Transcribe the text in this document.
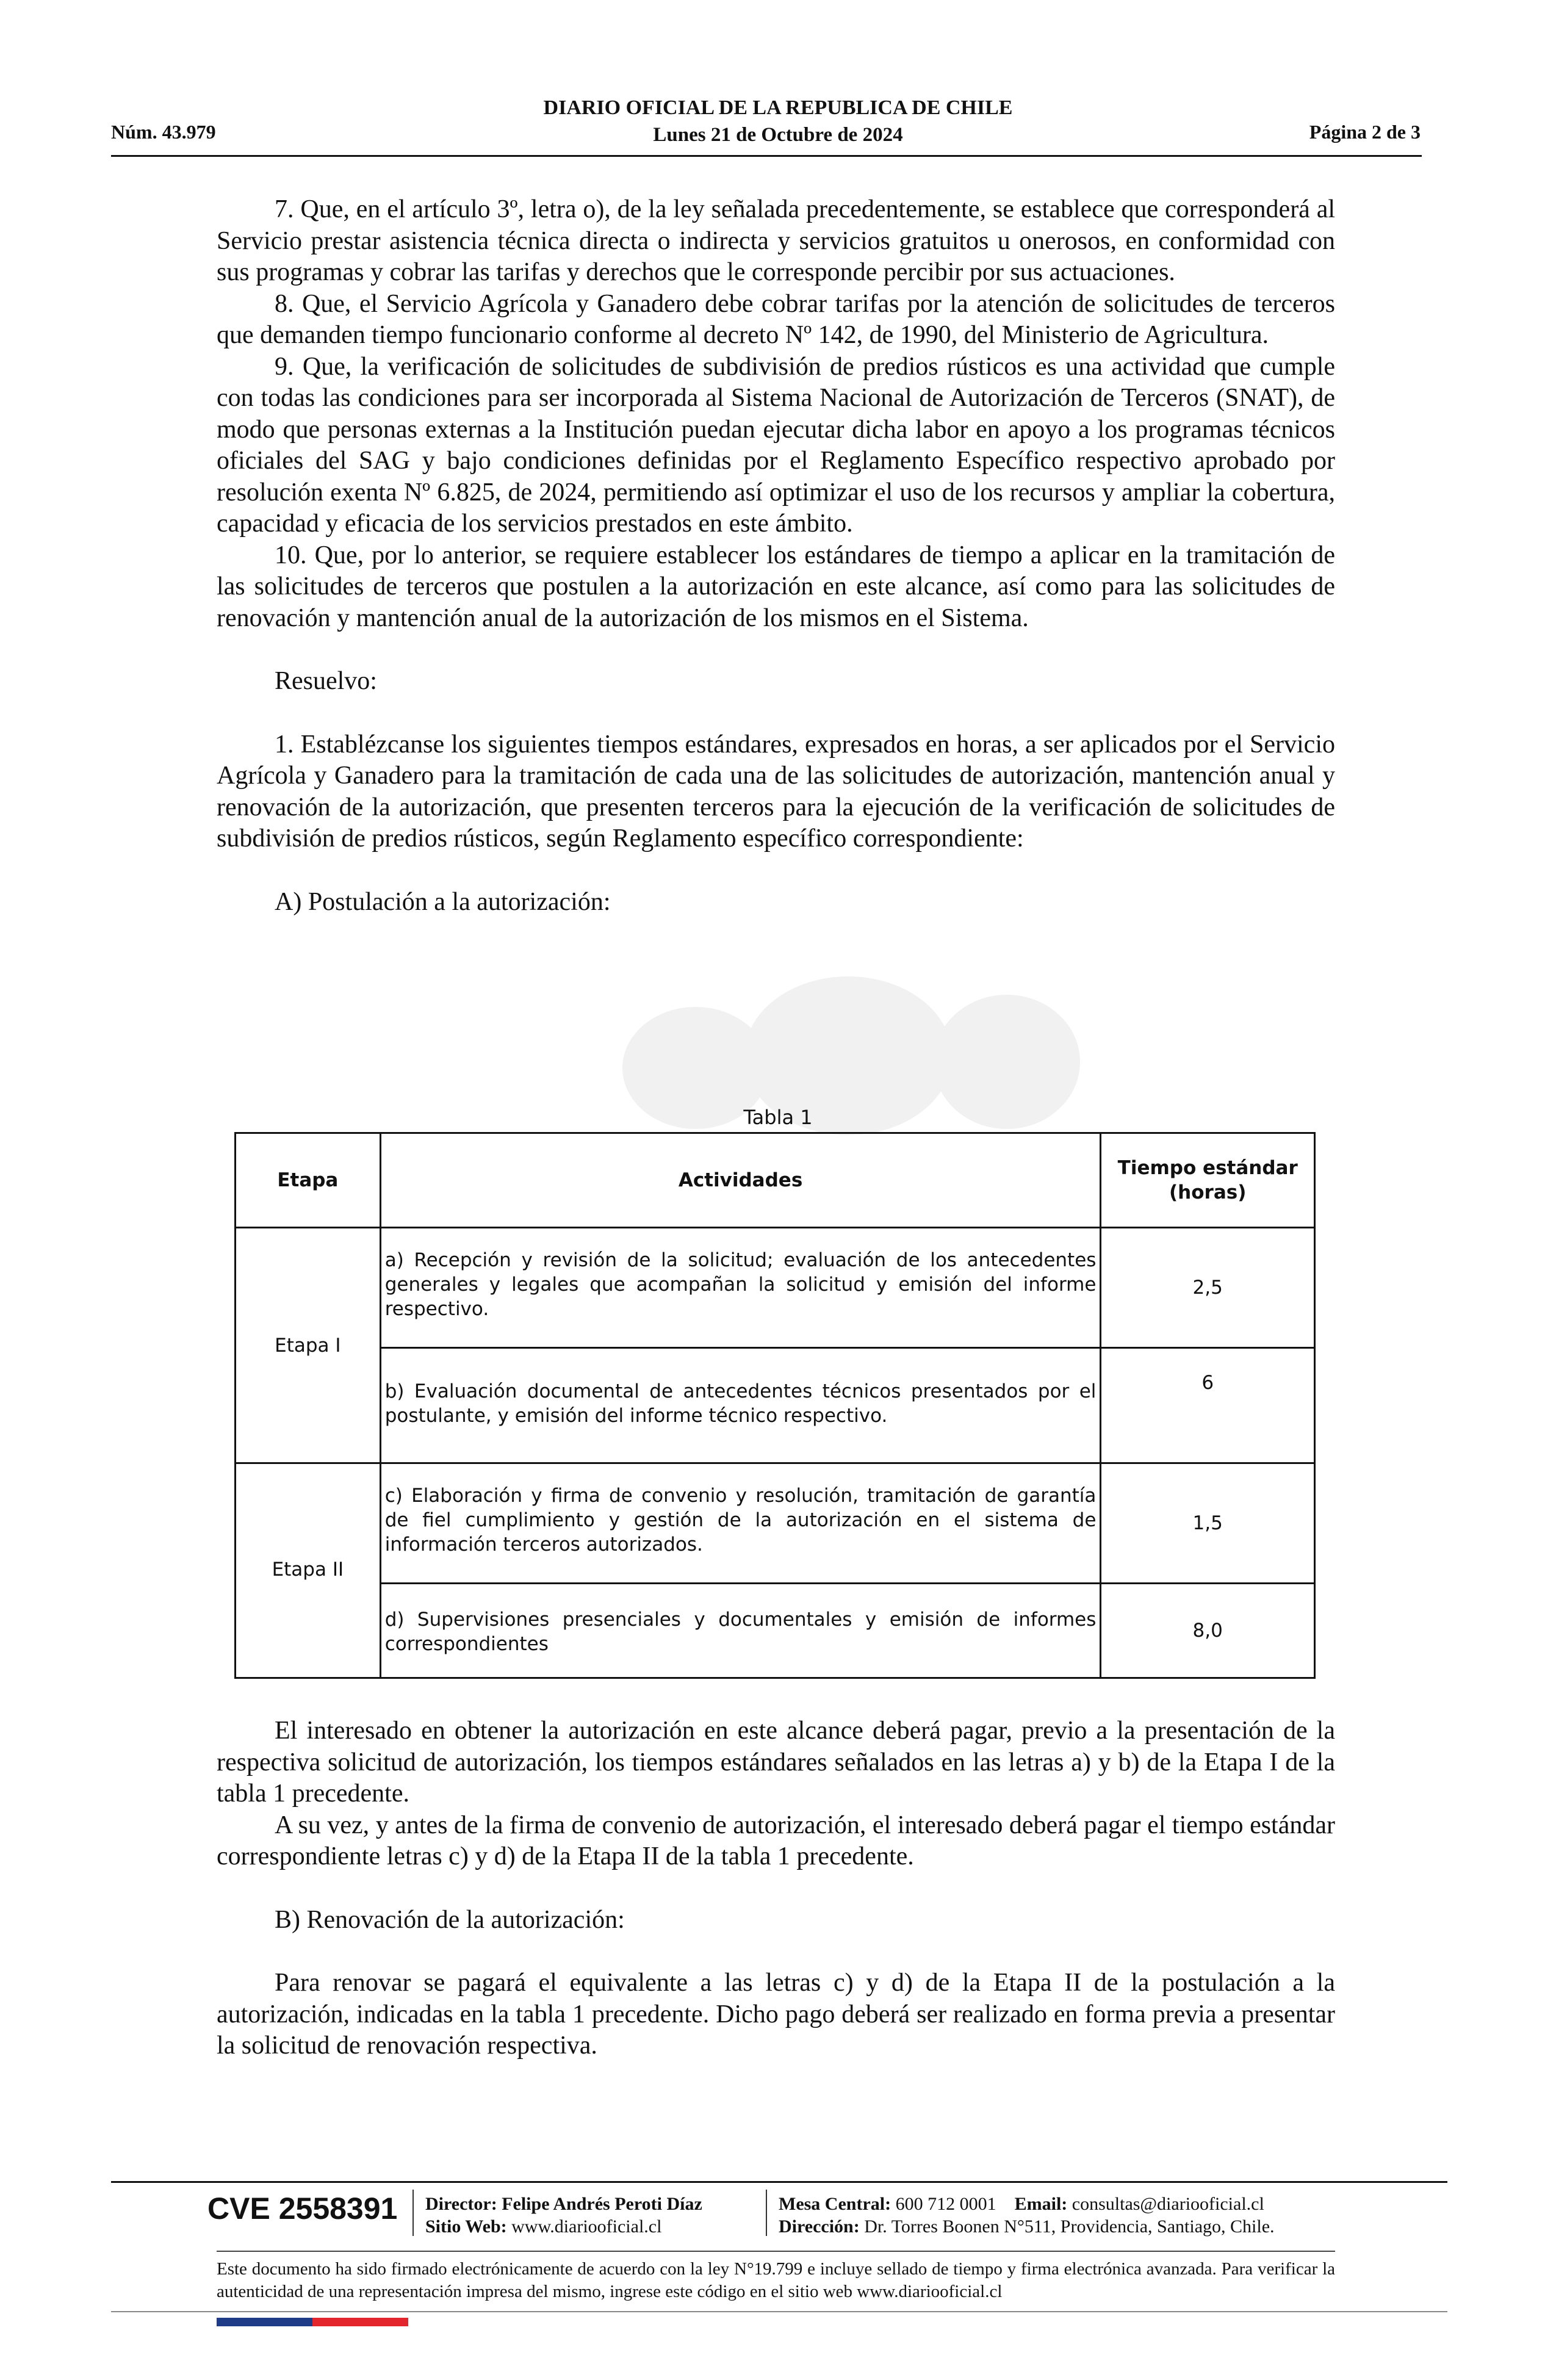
Núm. 43.979
DIARIO OFICIAL DE LA REPUBLICA DE CHILE
Lunes 21 de Octubre de 2024	Página 2 de 3

7. Que, en el artículo 3º, letra o), de la ley señalada precedentemente, se establece que corresponderá al Servicio prestar asistencia técnica directa o indirecta y servicios gratuitos u onerosos, en conformidad con sus programas y cobrar las tarifas y derechos que le corresponde percibir por sus actuaciones.

8. Que, el Servicio Agrícola y Ganadero debe cobrar tarifas por la atención de solicitudes de terceros que demanden tiempo funcionario conforme al decreto Nº 142, de 1990, del Ministerio de Agricultura.

9. Que, la verificación de solicitudes de subdivisión de predios rústicos es una actividad que cumple con todas las condiciones para ser incorporada al Sistema Nacional de Autorización de Terceros (SNAT), de modo que personas externas a la Institución puedan ejecutar dicha labor en apoyo a los programas técnicos oficiales del SAG y bajo condiciones definidas por el Reglamento Específico respectivo aprobado por resolución exenta Nº 6.825, de 2024, permitiendo así optimizar el uso de los recursos y ampliar la cobertura, capacidad y eficacia de los servicios prestados en este ámbito.

10. Que, por lo anterior, se requiere establecer los estándares de tiempo a aplicar en la tramitación de las solicitudes de terceros que postulen a la autorización en este alcance, así como para las solicitudes de renovación y mantención anual de la autorización de los mismos en el Sistema.

Resuelvo:

1. Establézcanse los siguientes tiempos estándares, expresados en horas, a ser aplicados por el Servicio Agrícola y Ganadero para la tramitación de cada una de las solicitudes de autorización, mantención anual y renovación de la autorización, que presenten terceros para la ejecución de la verificación de solicitudes de subdivisión de predios rústicos, según Reglamento específico correspondiente:

A) Postulación a la autorización:

Tabla 1
Etapa	Actividades	Tiempo estándar (horas)
Etapa I	a) Recepción y revisión de la solicitud; evaluación de los antecedentes generales y legales que acompañan la solicitud y emisión del informe respectivo.	2,5
	b) Evaluación documental de antecedentes técnicos presentados por el postulante, y emisión del informe técnico respectivo.	6
Etapa II	c) Elaboración y firma de convenio y resolución, tramitación de garantía de fiel cumplimiento y gestión de la autorización en el sistema de información terceros autorizados.	1,5
	d) Supervisiones presenciales y documentales y emisión de informes correspondientes	8,0

El interesado en obtener la autorización en este alcance deberá pagar, previo a la presentación de la respectiva solicitud de autorización, los tiempos estándares señalados en las letras a) y b) de la Etapa I de la tabla 1 precedente.

A su vez, y antes de la firma de convenio de autorización, el interesado deberá pagar el tiempo estándar correspondiente letras c) y d) de la Etapa II de la tabla 1 precedente.

B) Renovación de la autorización:

Para renovar se pagará el equivalente a las letras c) y d) de la Etapa II de la postulación a la autorización, indicadas en la tabla 1 precedente. Dicho pago deberá ser realizado en forma previa a presentar la solicitud de renovación respectiva.

CVE 2558391 Director: Felipe Andrés Peroti Díaz
Sitio Web: www.diariooficial.cl
Mesa Central: 600 712 0001 Email: consultas@diariooficial.cl
Dirección: Dr. Torres Boonen N°511, Providencia, Santiago, Chile.
Este documento ha sido firmado electrónicamente de acuerdo con la ley N°19.799 e incluye sellado de tiempo y firma electrónica avanzada. Para verificar la autenticidad de una representación impresa del mismo, ingrese este código en el sitio web www.diariooficial.cl
